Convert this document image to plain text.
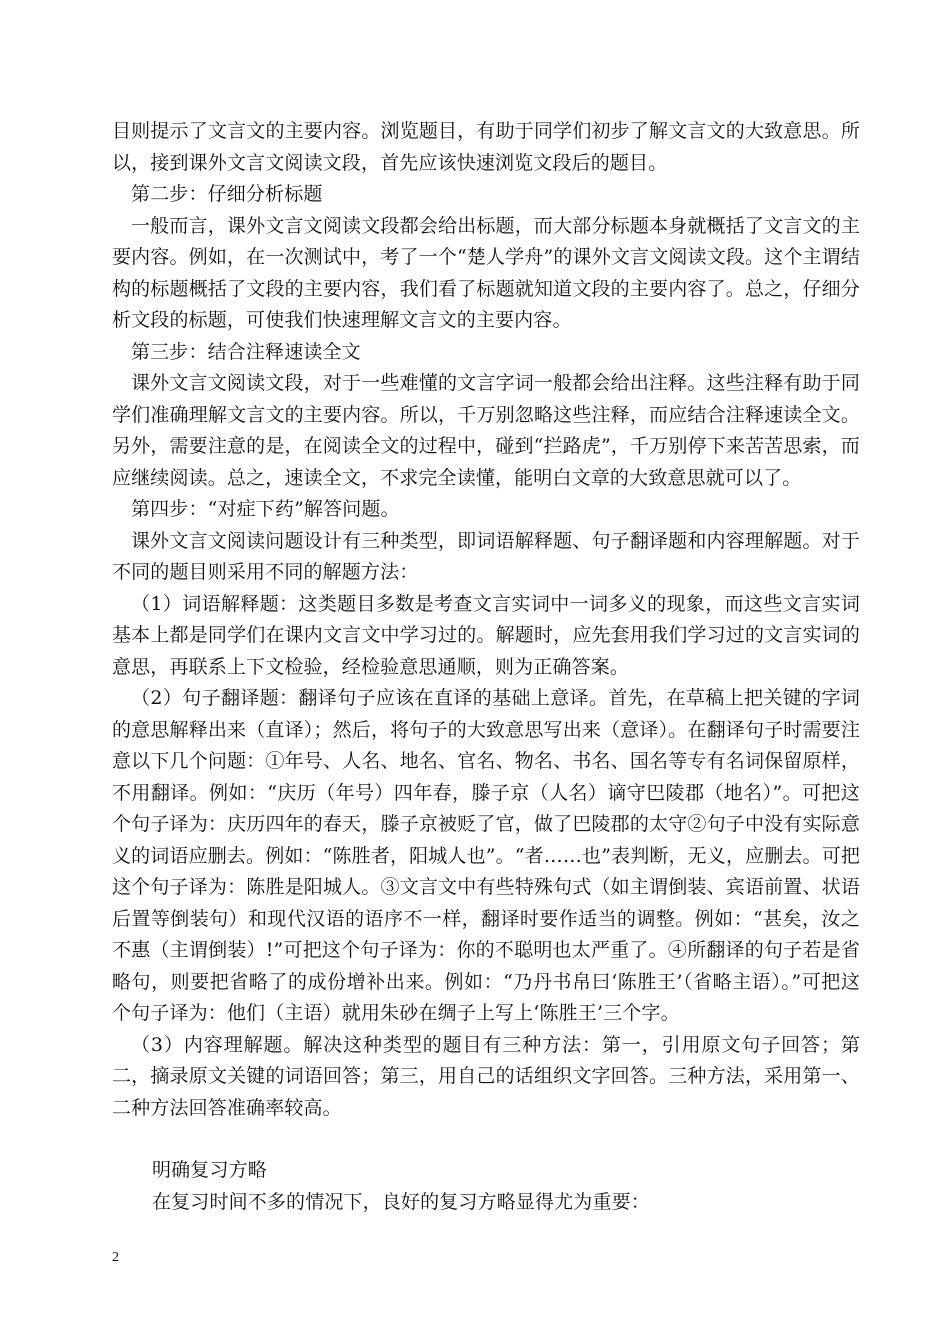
目则提示了文言文的主要内容。浏览题目，有助于同学们初步了解文言文的大致意思。所以，接到课外文言文阅读文段，首先应该快速浏览文段后的题目。

第二步：仔细分析标题

一般而言，课外文言文阅读文段都会给出标题，而大部分标题本身就概括了文言文的主要内容。例如，在一次测试中，考了一个“楚人学舟”的课外文言文阅读文段。这个主谓结构的标题概括了文段的主要内容，我们看了标题就知道文段的主要内容了。总之，仔细分析文段的标题，可使我们快速理解文言文的主要内容。

第三步：结合注释速读全文

课外文言文阅读文段，对于一些难懂的文言字词一般都会给出注释。这些注释有助于同学们准确理解文言文的主要内容。所以，千万别忽略这些注释，而应结合注释速读全文。另外，需要注意的是，在阅读全文的过程中，碰到“拦路虎”，千万别停下来苦苦思索，而应继续阅读。总之，速读全文，不求完全读懂，能明白文章的大致意思就可以了。

第四步：“对症下药”解答问题。

课外文言文阅读问题设计有三种类型，即词语解释题、句子翻译题和内容理解题。对于不同的题目则采用不同的解题方法：

（1）词语解释题：这类题目多数是考查文言实词中一词多义的现象，而这些文言实词基本上都是同学们在课内文言文中学习过的。解题时，应先套用我们学习过的文言实词的意思，再联系上下文检验，经检验意思通顺，则为正确答案。

（2）句子翻译题：翻译句子应该在直译的基础上意译。首先，在草稿上把关键的字词的意思解释出来（直译）；然后，将句子的大致意思写出来（意译）。在翻译句子时需要注意以下几个问题：①年号、人名、地名、官名、物名、书名、国名等专有名词保留原样，不用翻译。例如：“庆历（年号）四年春，滕子京（人名）谪守巴陵郡（地名）”。可把这个句子译为：庆历四年的春天，滕子京被贬了官，做了巴陵郡的太守②句子中没有实际意义的词语应删去。例如：“陈胜者，阳城人也”。“者……也”表判断，无义，应删去。可把这个句子译为：陈胜是阳城人。③文言文中有些特殊句式（如主谓倒装、宾语前置、状语后置等倒装句）和现代汉语的语序不一样，翻译时要作适当的调整。例如：“甚矣，汝之不惠（主谓倒装）!”可把这个句子译为：你的不聪明也太严重了。④所翻译的句子若是省略句，则要把省略了的成份增补出来。例如：“乃丹书帛曰‘陈胜王’（省略主语）。”可把这个句子译为：他们（主语）就用朱砂在绸子上写上‘陈胜王’三个字。

（3）内容理解题。解决这种类型的题目有三种方法：第一，引用原文句子回答；第二，摘录原文关键的词语回答；第三，用自己的话组织文字回答。三种方法，采用第一、二种方法回答准确率较高。

明确复习方略

在复习时间不多的情况下，良好的复习方略显得尤为重要：

2
